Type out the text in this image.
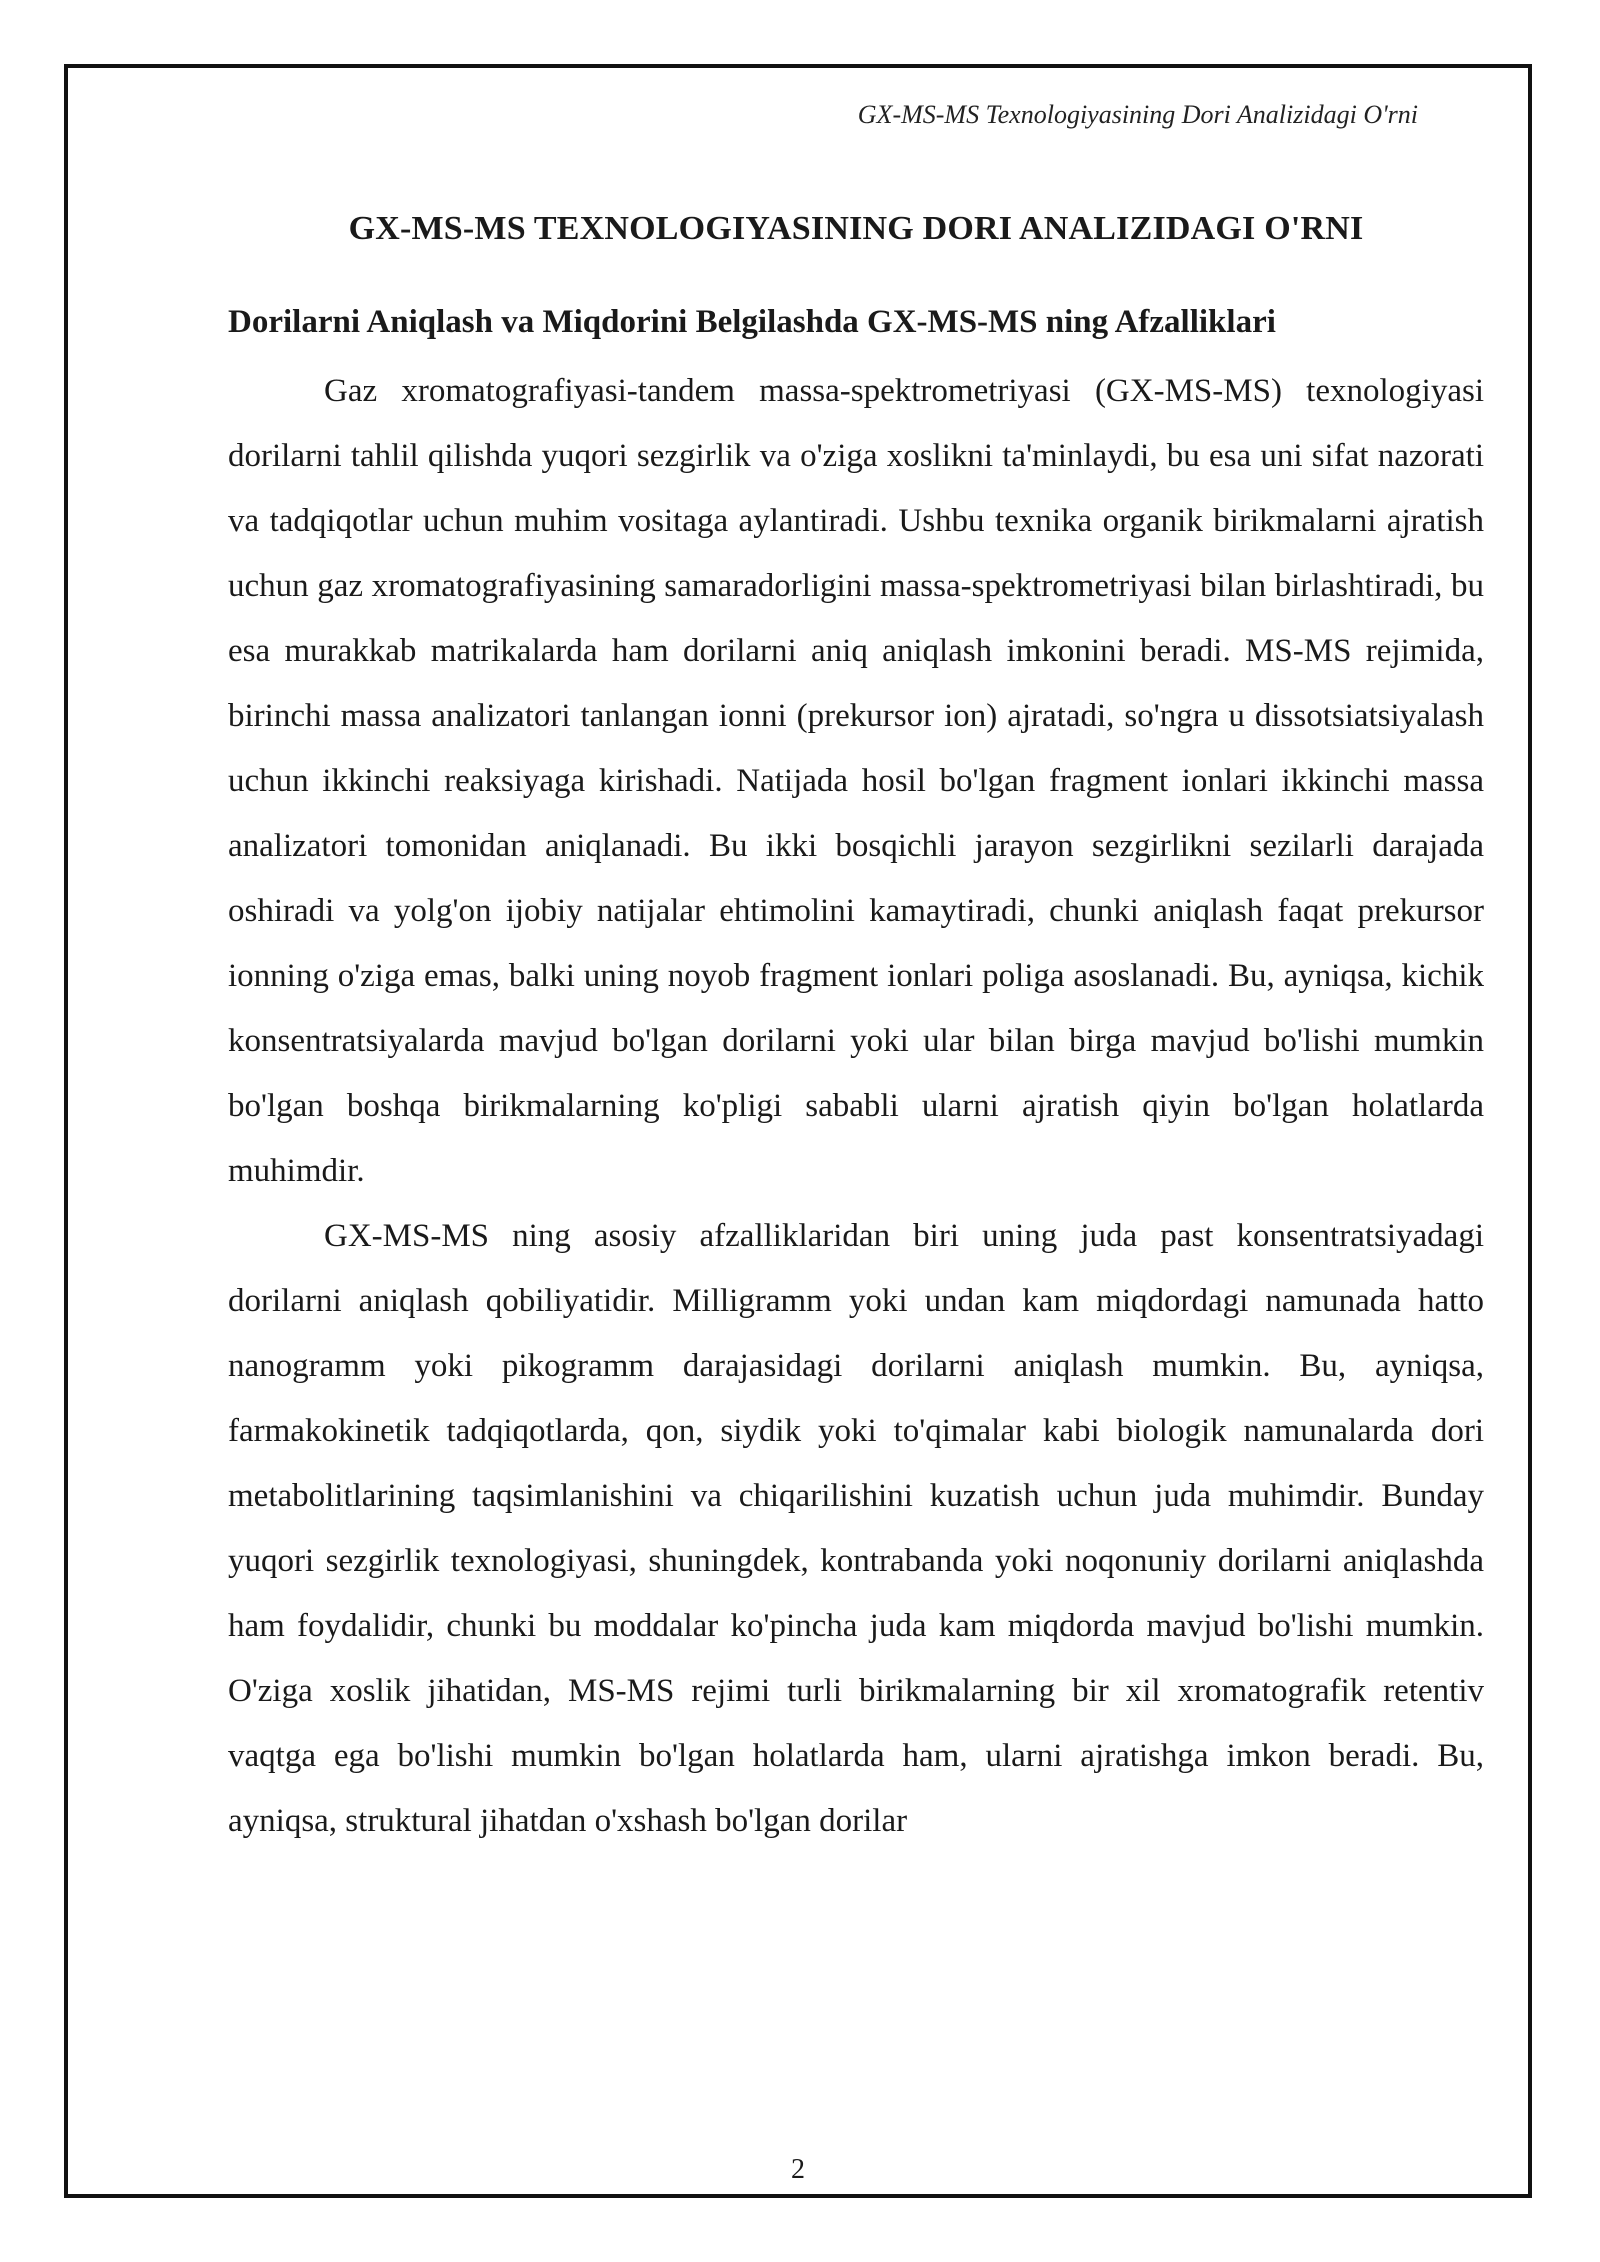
GX-MS-MS Texnologiyasining Dori Analizidagi O'rni
GX-MS-MS TEXNOLOGIYASINING DORI ANALIZIDAGI O'RNI
Dorilarni Aniqlash va Miqdorini Belgilashda GX-MS-MS ning Afzalliklari

Gaz xromatografiyasi-tandem massa-spektrometriyasi (GX-MS-MS) texnologiyasi dorilarni tahlil qilishda yuqori sezgirlik va o'ziga xoslikni ta'minlaydi, bu esa uni sifat nazorati va tadqiqotlar uchun muhim vositaga aylantiradi. Ushbu texnika organik birikmalarni ajratish uchun gaz xromatografiyasining samaradorligini massa-spektrometriyasi bilan birlashtiradi, bu esa murakkab matrikalarda ham dorilarni aniq aniqlash imkonini beradi. MS-MS rejimida, birinchi massa analizatori tanlangan ionni (prekursor ion) ajratadi, so'ngra u dissotsiatsiyalash uchun ikkinchi reaksiyaga kirishadi. Natijada hosil bo'lgan fragment ionlari ikkinchi massa analizatori tomonidan aniqlanadi. Bu ikki bosqichli jarayon sezgirlikni sezilarli darajada oshiradi va yolg'on ijobiy natijalar ehtimolini kamaytiradi, chunki aniqlash faqat prekursor ionning o'ziga emas, balki uning noyob fragment ionlari poliga asoslanadi. Bu, ayniqsa, kichik konsentratsiyalarda mavjud bo'lgan dorilarni yoki ular bilan birga mavjud bo'lishi mumkin bo'lgan boshqa birikmalarning ko'pligi sababli ularni ajratish qiyin bo'lgan holatlarda muhimdir.

GX-MS-MS ning asosiy afzalliklaridan biri uning juda past konsentratsiyadagi dorilarni aniqlash qobiliyatidir. Milligramm yoki undan kam miqdordagi namunada hatto nanogramm yoki pikogramm darajasidagi dorilarni aniqlash mumkin. Bu, ayniqsa, farmakokinetik tadqiqotlarda, qon, siydik yoki to'qimalar kabi biologik namunalarda dori metabolitlarining taqsimlanishini va chiqarilishini kuzatish uchun juda muhimdir. Bunday yuqori sezgirlik texnologiyasi, shuningdek, kontrabanda yoki noqonuniy dorilarni aniqlashda ham foydalidir, chunki bu moddalar ko'pincha juda kam miqdorda mavjud bo'lishi mumkin. O'ziga xoslik jihatidan, MS-MS rejimi turli birikmalarning bir xil xromatografik retentiv vaqtga ega bo'lishi mumkin bo'lgan holatlarda ham, ularni ajratishga imkon beradi. Bu, ayniqsa, struktural jihatdan o'xshash bo'lgan dorilar

2
